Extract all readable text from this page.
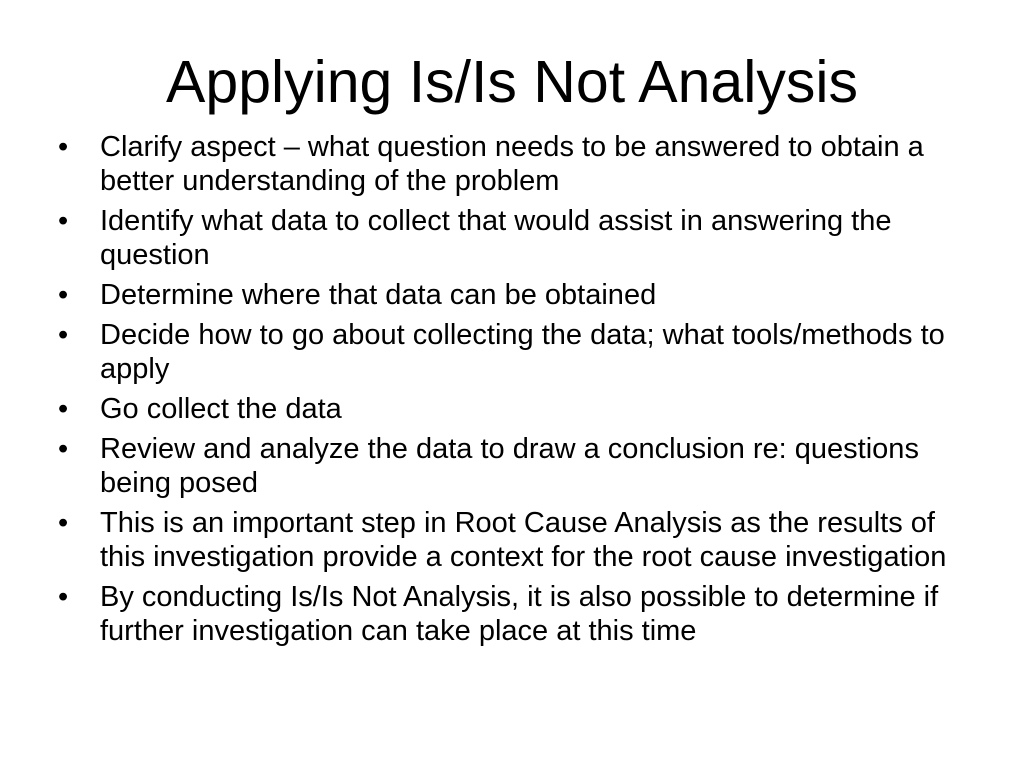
Applying Is/Is Not Analysis
•	Clarify aspect – what question needs to be answered to obtain a better understanding of the problem
•	Identify what data to collect that would assist in answering the question
•	Determine where that data can be obtained
•	Decide how to go about collecting the data; what tools/methods to apply
•	Go collect the data
•	Review and analyze the data to draw a conclusion re: questions being posed
•	This is an important step in Root Cause Analysis as the results of this investigation provide a context for the root cause investigation
•	By conducting Is/Is Not Analysis, it is also possible to determine if further investigation can take place at this time
